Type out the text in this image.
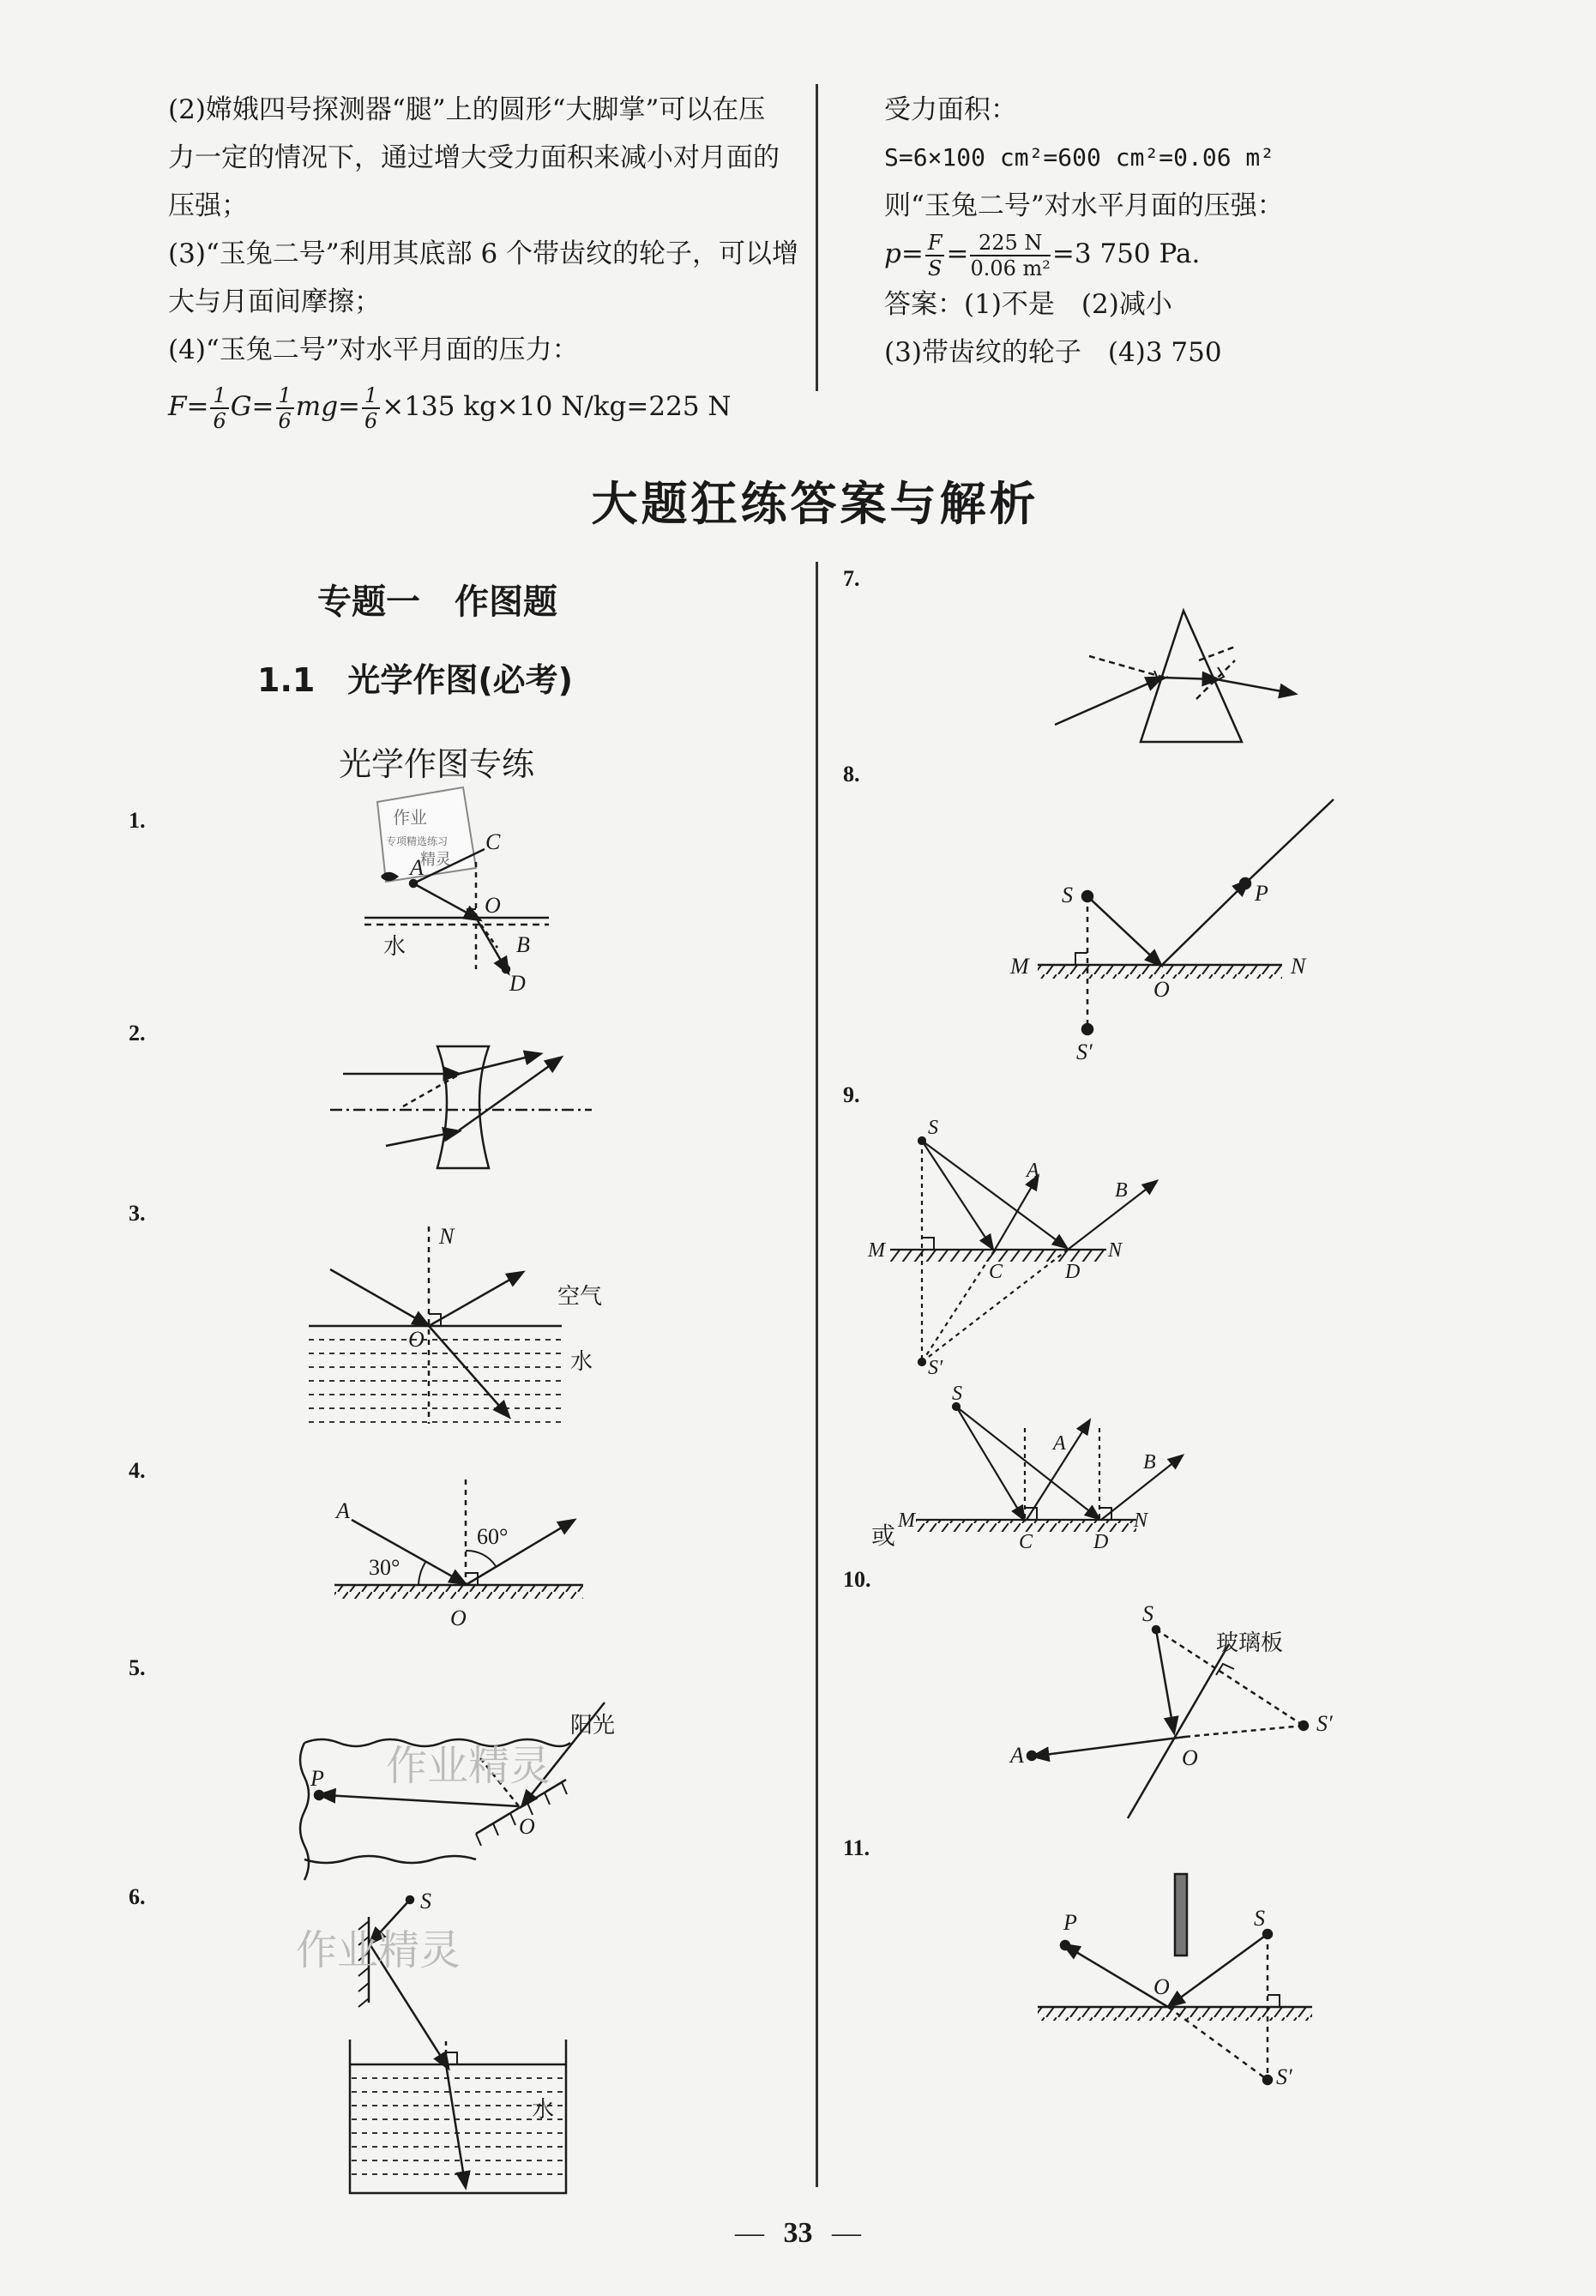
(2)嫦娥四号探测器“腿”上的圆形“大脚掌”可以在压
力一定的情况下，通过增大受力面积来减小对月面的
压强；
(3)“玉兔二号”利用其底部 6 个带齿纹的轮子，可以增
大与月面间摩擦；
(4)“玉兔二号”对水平月面的压力：
$F= \frac{1}{6} G= \frac{1}{6} mg= \frac{1}{6} \times 135$ kg×10 N/kg=225 N
受力面积：
S=6×100 cm²=600 cm²=0.06 m²
则“玉兔二号”对水平月面的压强：
$p= \frac{F}{S} = \frac{225 N}{\text{0.06 m²}} =3$ 750 Pa.
答案：(1)不是　(2)减小
(3)带齿纹的轮子　(4)3 750
大题狂练答案与解析
专题一　作图题
1.1　光学作图(必考)
光学作图专练
1.
2.
3.
4.
5.
6.
7.
8.
9.
10.
11.
作业
专项精选练习
精灵
A
C
O
B
D
水
N
O
空气
水
A
30°
60°
O
作业精灵
P
阳光
O
作业精灵
S
水
S	P
M	N
O
S′
S
A
B
M	N
C	D
S′
S
A
B
M	N
C	D
或
S
玻璃板
S′
A	O
P	S
O
S′
— 33 —
